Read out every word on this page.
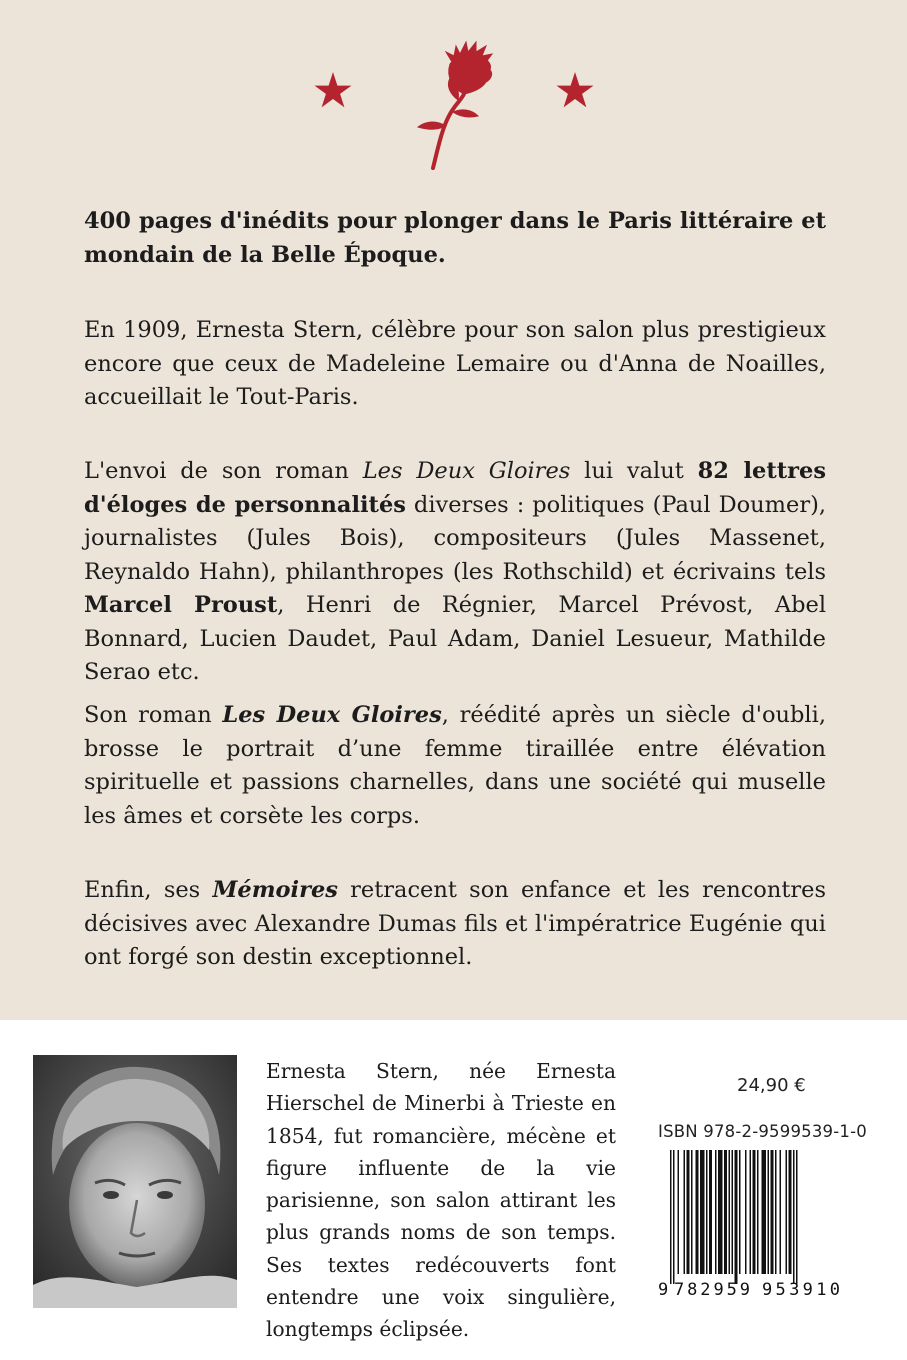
400 pages d'inédits pour plonger dans le Paris littéraire et mondain de la Belle Époque.
En 1909, Ernesta Stern, célèbre pour son salon plus prestigieux encore que ceux de Madeleine Lemaire ou d'Anna de Noailles, accueillait le Tout-Paris.
L'envoi de son roman Les Deux Gloires lui valut 82 lettres d'éloges de personnalités diverses : politiques (Paul Doumer), journalistes (Jules Bois), compositeurs (Jules Massenet, Reynaldo Hahn), philanthropes (les Rothschild) et écrivains tels Marcel Proust, Henri de Régnier, Marcel Prévost, Abel Bonnard, Lucien Daudet, Paul Adam, Daniel Lesueur, Mathilde Serao etc.
Son roman Les Deux Gloires, réédité après un siècle d'oubli, brosse le portrait d’une femme tiraillée entre élévation spirituelle et passions charnelles, dans une société qui muselle les âmes et corsète les corps.
Enfin, ses Mémoires retracent son enfance et les rencontres décisives avec Alexandre Dumas fils et l'impératrice Eugénie qui ont forgé son destin exceptionnel.
Ernesta Stern, née Ernesta Hierschel de Minerbi à Trieste en 1854, fut romancière, mécène et figure influente de la vie parisienne, son salon attirant les plus grands noms de son temps. Ses textes redécouverts font entendre une voix singulière, longtemps éclipsée.
24,90 €
ISBN 978-2-9599539-1-0
9 782959 953910
